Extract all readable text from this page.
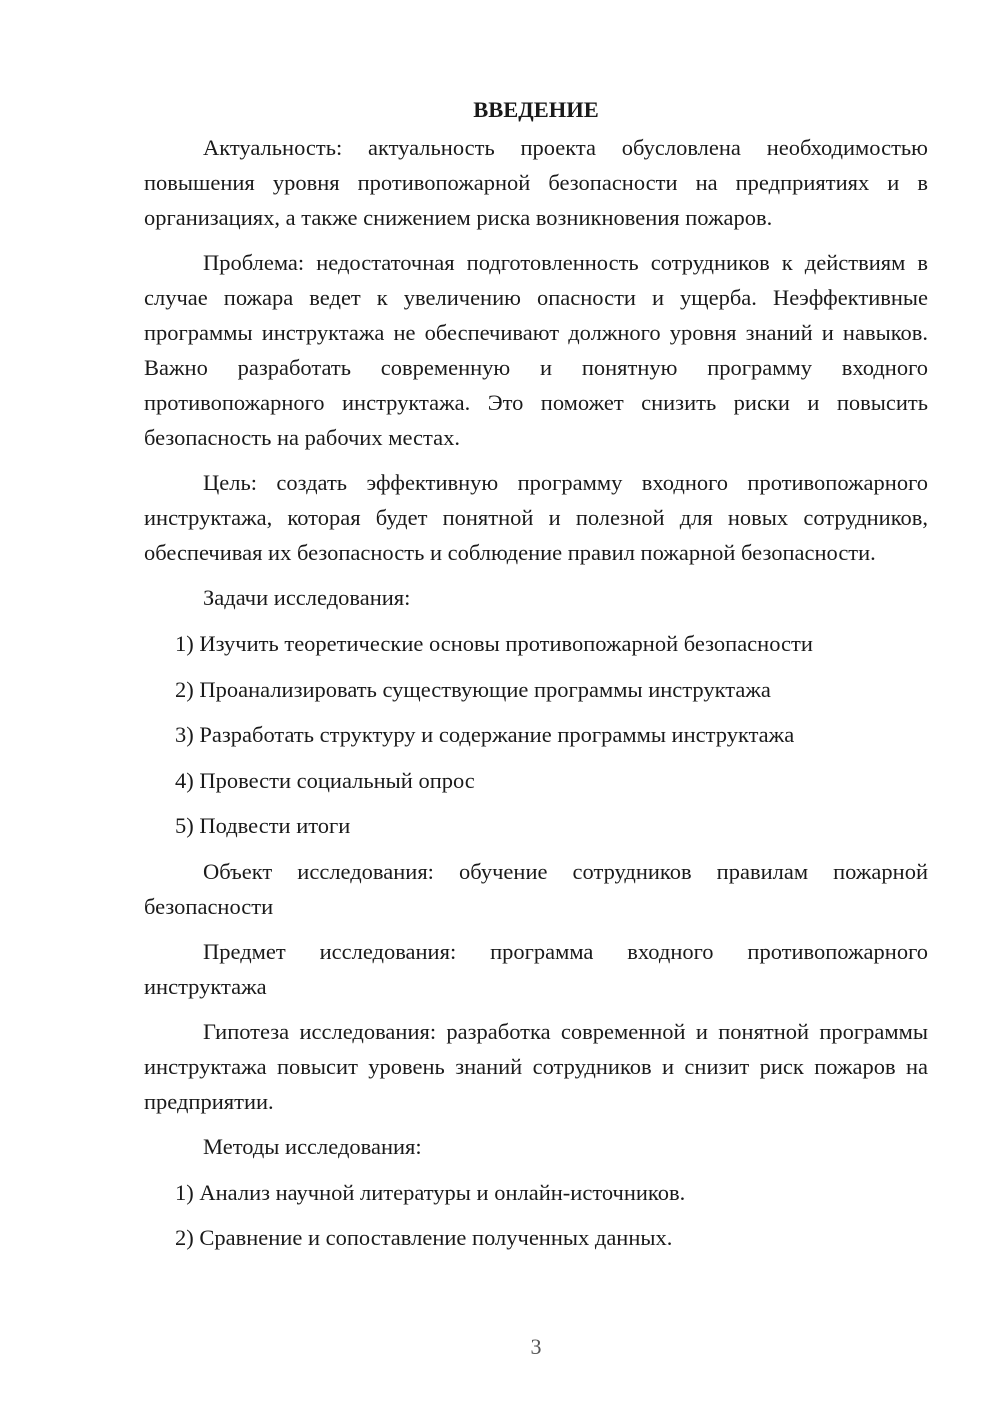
ВВЕДЕНИЕ

Актуальность: актуальность проекта обусловлена необходимостью повышения уровня противопожарной безопасности на предприятиях и в организациях, а также снижением риска возникновения пожаров.

Проблема: недостаточная подготовленность сотрудников к действиям в случае пожара ведет к увеличению опасности и ущерба. Неэффективные программы инструктажа не обеспечивают должного уровня знаний и навыков. Важно разработать современную и понятную программу входного противопожарного инструктажа. Это поможет снизить риски и повысить безопасность на рабочих местах.

Цель: создать эффективную программу входного противопожарного инструктажа, которая будет понятной и полезной для новых сотрудников, обеспечивая их безопасность и соблюдение правил пожарной безопасности.

Задачи исследования:

1) Изучить теоретические основы противопожарной безопасности

2) Проанализировать существующие программы инструктажа

3) Разработать структуру и содержание программы инструктажа

4) Провести социальный опрос

5) Подвести итоги

Объект исследования: обучение сотрудников правилам пожарной безопасности

Предмет исследования: программа входного противопожарного инструктажа

Гипотеза исследования: разработка современной и понятной программы инструктажа повысит уровень знаний сотрудников и снизит риск пожаров на предприятии.

Методы исследования:

1) Анализ научной литературы и онлайн-источников.

2) Сравнение и сопоставление полученных данных.

3
